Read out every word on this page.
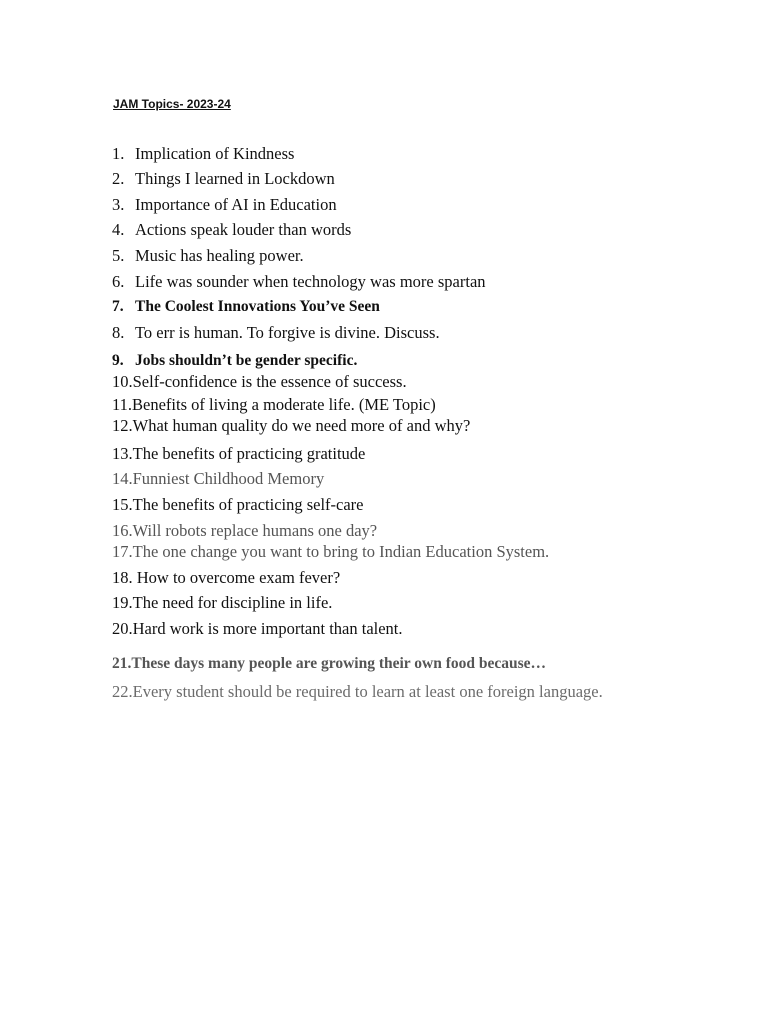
JAM Topics- 2023-24
1. Implication of Kindness
2. Things I learned in Lockdown
3. Importance of AI in Education
4. Actions speak louder than words
5. Music has healing power.
6. Life was sounder when technology was more spartan
7. The Coolest Innovations You’ve Seen
8. To err is human. To forgive is divine. Discuss.
9. Jobs shouldn’t be gender specific.
10.Self-confidence is the essence of success.
11.Benefits of living a moderate life. (ME Topic)
12.What human quality do we need more of and why?
13.The benefits of practicing gratitude
14.Funniest Childhood Memory
15.The benefits of practicing self-care
16.Will robots replace humans one day?
17.The one change you want to bring to Indian Education System.
18. How to overcome exam fever?
19.The need for discipline in life.
20.Hard work is more important than talent.
21.These days many people are growing their own food because…
22.Every student should be required to learn at least one foreign language.
